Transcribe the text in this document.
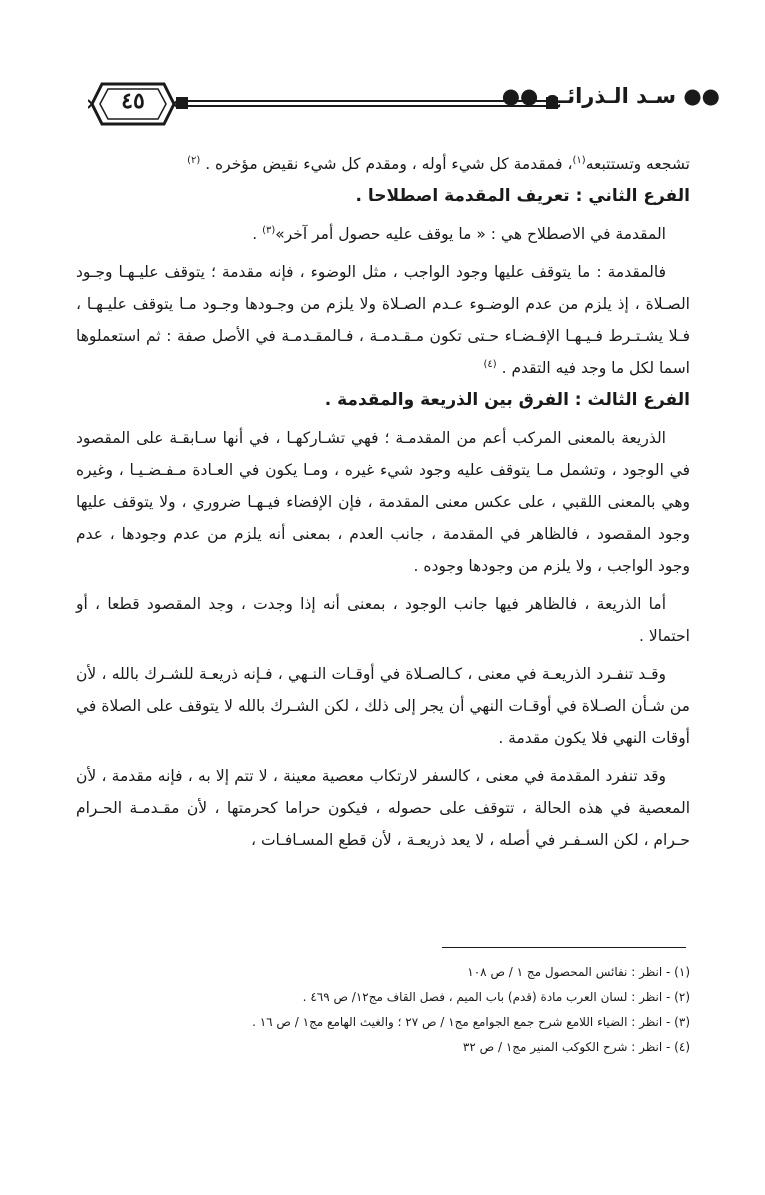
٤٥	●● سـد الـذرائـع ●●

تشجعه وتستتبعه$^{(١)}$، فمقدمة كل شيء أوله ، ومقدم كل شيء نقيض مؤخره . $^{(٢)}$

الفرع الثاني : تعريف المقدمة اصطلاحا .

المقدمة في الاصطلاح هي : « ما يوقف عليه حصول أمر آخر»$^{(٣)}$ .

فالمقدمة : ما يتوقف عليها وجود الواجب ، مثل الوضوء ، فإنه مقدمة ؛ يتوقف عليـهـا وجـود الصـلاة ، إذ يلزم من عدم الوضـوء عـدم الصـلاة ولا يلزم من وجـودها وجـود مـا يتوقف عليـهـا ، فـلا يشـتـرط فـيـهـا الإفـضـاء حـتى تكون مـقـدمـة ، فـالمقـدمـة في الأصل صفة : ثم استعملوها اسما لكل ما وجد فيه التقدم . $^{(٤)}$

الفرع الثالث : الفرق بين الذريعة والمقدمة .

الذريعة بالمعنى المركب أعم من المقدمـة ؛ فهي تشـاركهـا ، في أنها سـابقـة على المقصود في الوجود ، وتشمل مـا يتوقف عليه وجود شيء غيره ، ومـا يكون في العـادة مـفـضـيـا ، وغيره وهي بالمعنى اللقبي ، على عكس معنى المقدمة ، فإن الإفضاء فيـهـا ضروري ، ولا يتوقف عليها وجود المقصود ، فالظاهر في المقدمة ، جانب العدم ، بمعنى أنه يلزم من عدم وجودها ، عدم وجود الواجب ، ولا يلزم من وجودها وجوده .

أما الذريعة ، فالظاهر فيها جانب الوجود ، بمعنى أنه إذا وجدت ، وجد المقصود قطعا ، أو احتمالا .

وقـد تنفـرد الذريعـة في معنى ، كـالصـلاة في أوقـات النـهي ، فـإنه ذريعـة للشـرك بالله ، لأن من شـأن الصـلاة في أوقـات النهي أن يجر إلى ذلك ، لكن الشـرك بالله لا يتوقف على الصلاة في أوقات النهي فلا يكون مقدمة .

وقد تنفرد المقدمة في معنى ، كالسفر لارتكاب معصية معينة ، لا تتم إلا به ، فإنه مقدمة ، لأن المعصية في هذه الحالة ، تتوقف على حصوله ، فيكون حراما كحرمتها ، لأن مقـدمـة الحـرام حـرام ، لكن السـفـر في أصله ، لا يعد ذريعـة ، لأن قطع المسـافـات ،

(١) - انظر : نفائس المحصول مج ١ / ص ١٠٨
(٢) - انظر : لسان العرب مادة (قدم) باب الميم ، فصل القاف مج١٢/ ص ٤٦٩ .
(٣) - انظر : الضياء اللامع شرح جمع الجوامع مج١ / ص ٢٧ ؛ والغيث الهامع مج١ / ص ١٦ .
(٤) - انظر : شرح الكوكب المنير مج١ / ص ٣٢
